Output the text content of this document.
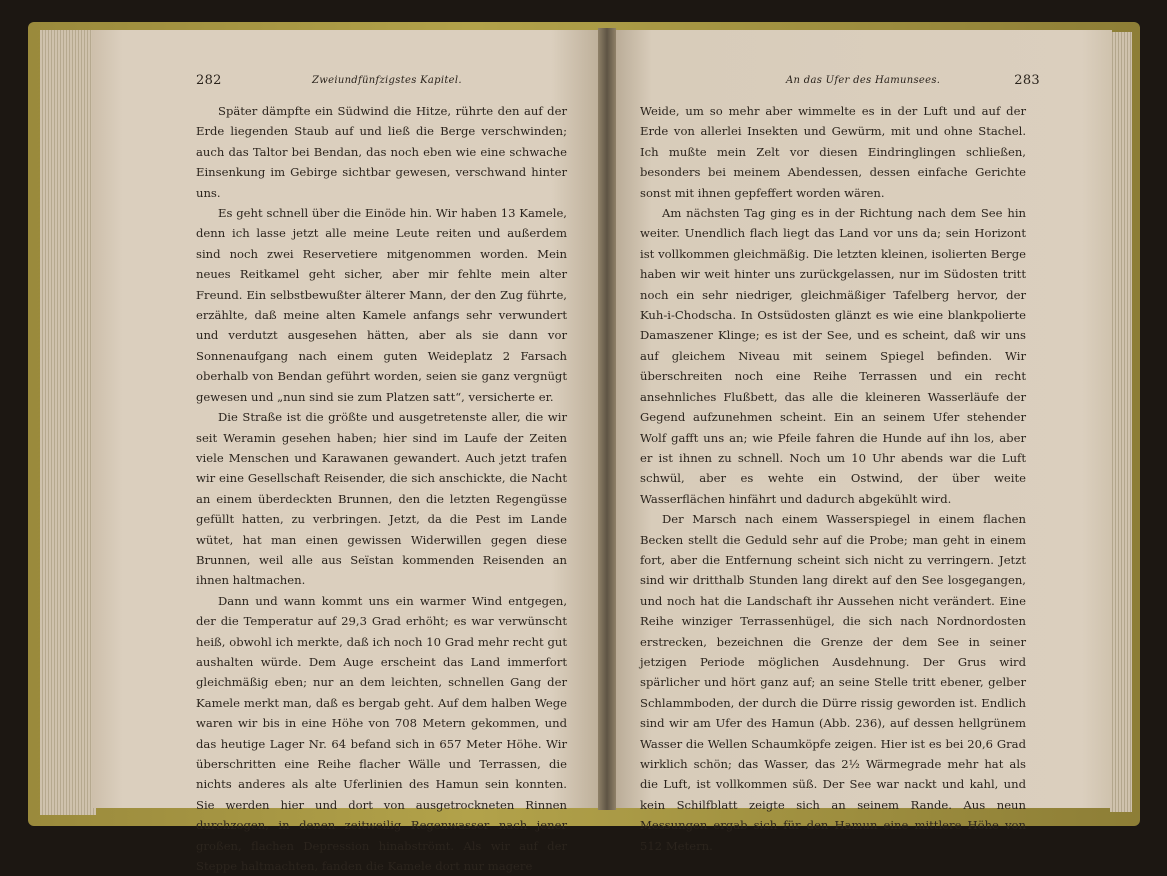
282	Zweiundfünfzigstes Kapitel.	An das Ufer des Hamunsees.	283

Später dämpfte ein Südwind die Hitze, rührte den auf der Erde liegenden Staub auf und ließ die Berge verschwinden; auch das Taltor bei Bendan, das noch eben wie eine schwache Einsenkung im Gebirge sichtbar gewesen, verschwand hinter uns.

Es geht schnell über die Einöde hin. Wir haben 13 Kamele, denn ich lasse jetzt alle meine Leute reiten und außerdem sind noch zwei Reservetiere mitgenommen worden. Mein neues Reitkamel geht sicher, aber mir fehlte mein alter Freund. Ein selbstbewußter älterer Mann, der den Zug führte, erzählte, daß meine alten Kamele anfangs sehr verwundert und verdutzt ausgesehen hätten, aber als sie dann vor Sonnenaufgang nach einem guten Weideplatz 2 Farsach oberhalb von Bendan geführt worden, seien sie ganz vergnügt gewesen und „nun sind sie zum Platzen satt“, versicherte er.

Die Straße ist die größte und ausgetretenste aller, die wir seit Weramin gesehen haben; hier sind im Laufe der Zeiten viele Menschen und Karawanen gewandert. Auch jetzt trafen wir eine Gesellschaft Reisender, die sich anschickte, die Nacht an einem überdeckten Brunnen, den die letzten Regengüsse gefüllt hatten, zu verbringen. Jetzt, da die Pest im Lande wütet, hat man einen gewissen Widerwillen gegen diese Brunnen, weil alle aus Seïstan kommenden Reisenden an ihnen haltmachen.

Dann und wann kommt uns ein warmer Wind entgegen, der die Temperatur auf 29,3 Grad erhöht; es war verwünscht heiß, obwohl ich merkte, daß ich noch 10 Grad mehr recht gut aushalten würde. Dem Auge erscheint das Land immerfort gleichmäßig eben; nur an dem leichten, schnellen Gang der Kamele merkt man, daß es bergab geht. Auf dem halben Wege waren wir bis in eine Höhe von 708 Metern gekommen, und das heutige Lager Nr. 64 befand sich in 657 Meter Höhe. Wir überschritten eine Reihe flacher Wälle und Terrassen, die nichts anderes als alte Uferlinien des Hamun sein konnten. Sie werden hier und dort von ausgetrockneten Rinnen durchzogen, in denen zeitweilig Regenwasser nach jener großen, flachen Depression hinabströmt. Als wir auf der Steppe haltmachten, fanden die Kamele dort nur magere

Weide, um so mehr aber wimmelte es in der Luft und auf der Erde von allerlei Insekten und Gewürm, mit und ohne Stachel. Ich mußte mein Zelt vor diesen Eindringlingen schließen, besonders bei meinem Abendessen, dessen einfache Gerichte sonst mit ihnen gepfeffert worden wären.

Am nächsten Tag ging es in der Richtung nach dem See hin weiter. Unendlich flach liegt das Land vor uns da; sein Horizont ist vollkommen gleichmäßig. Die letzten kleinen, isolierten Berge haben wir weit hinter uns zurückgelassen, nur im Südosten tritt noch ein sehr niedriger, gleichmäßiger Tafelberg hervor, der Kuh-i-Chodscha. In Ostsüdosten glänzt es wie eine blankpolierte Damaszener Klinge; es ist der See, und es scheint, daß wir uns auf gleichem Niveau mit seinem Spiegel befinden. Wir überschreiten noch eine Reihe Terrassen und ein recht ansehnliches Flußbett, das alle die kleineren Wasserläufe der Gegend aufzunehmen scheint. Ein an seinem Ufer stehender Wolf gafft uns an; wie Pfeile fahren die Hunde auf ihn los, aber er ist ihnen zu schnell. Noch um 10 Uhr abends war die Luft schwül, aber es wehte ein Ostwind, der über weite Wasserflächen hinfährt und dadurch abgekühlt wird.

Der Marsch nach einem Wasserspiegel in einem flachen Becken stellt die Geduld sehr auf die Probe; man geht in einem fort, aber die Entfernung scheint sich nicht zu verringern. Jetzt sind wir dritthalb Stunden lang direkt auf den See losgegangen, und noch hat die Landschaft ihr Aussehen nicht verändert. Eine Reihe winziger Terrassenhügel, die sich nach Nordnordosten erstrecken, bezeichnen die Grenze der dem See in seiner jetzigen Periode möglichen Ausdehnung. Der Grus wird spärlicher und hört ganz auf; an seine Stelle tritt ebener, gelber Schlammboden, der durch die Dürre rissig geworden ist. Endlich sind wir am Ufer des Hamun (Abb. 236), auf dessen hellgrünem Wasser die Wellen Schaumköpfe zeigen. Hier ist es bei 20,6 Grad wirklich schön; das Wasser, das 2½ Wärmegrade mehr hat als die Luft, ist vollkommen süß. Der See war nackt und kahl, und kein Schilfblatt zeigte sich an seinem Rande. Aus neun Messungen ergab sich für den Hamun eine mittlere Höhe von 512 Metern.
